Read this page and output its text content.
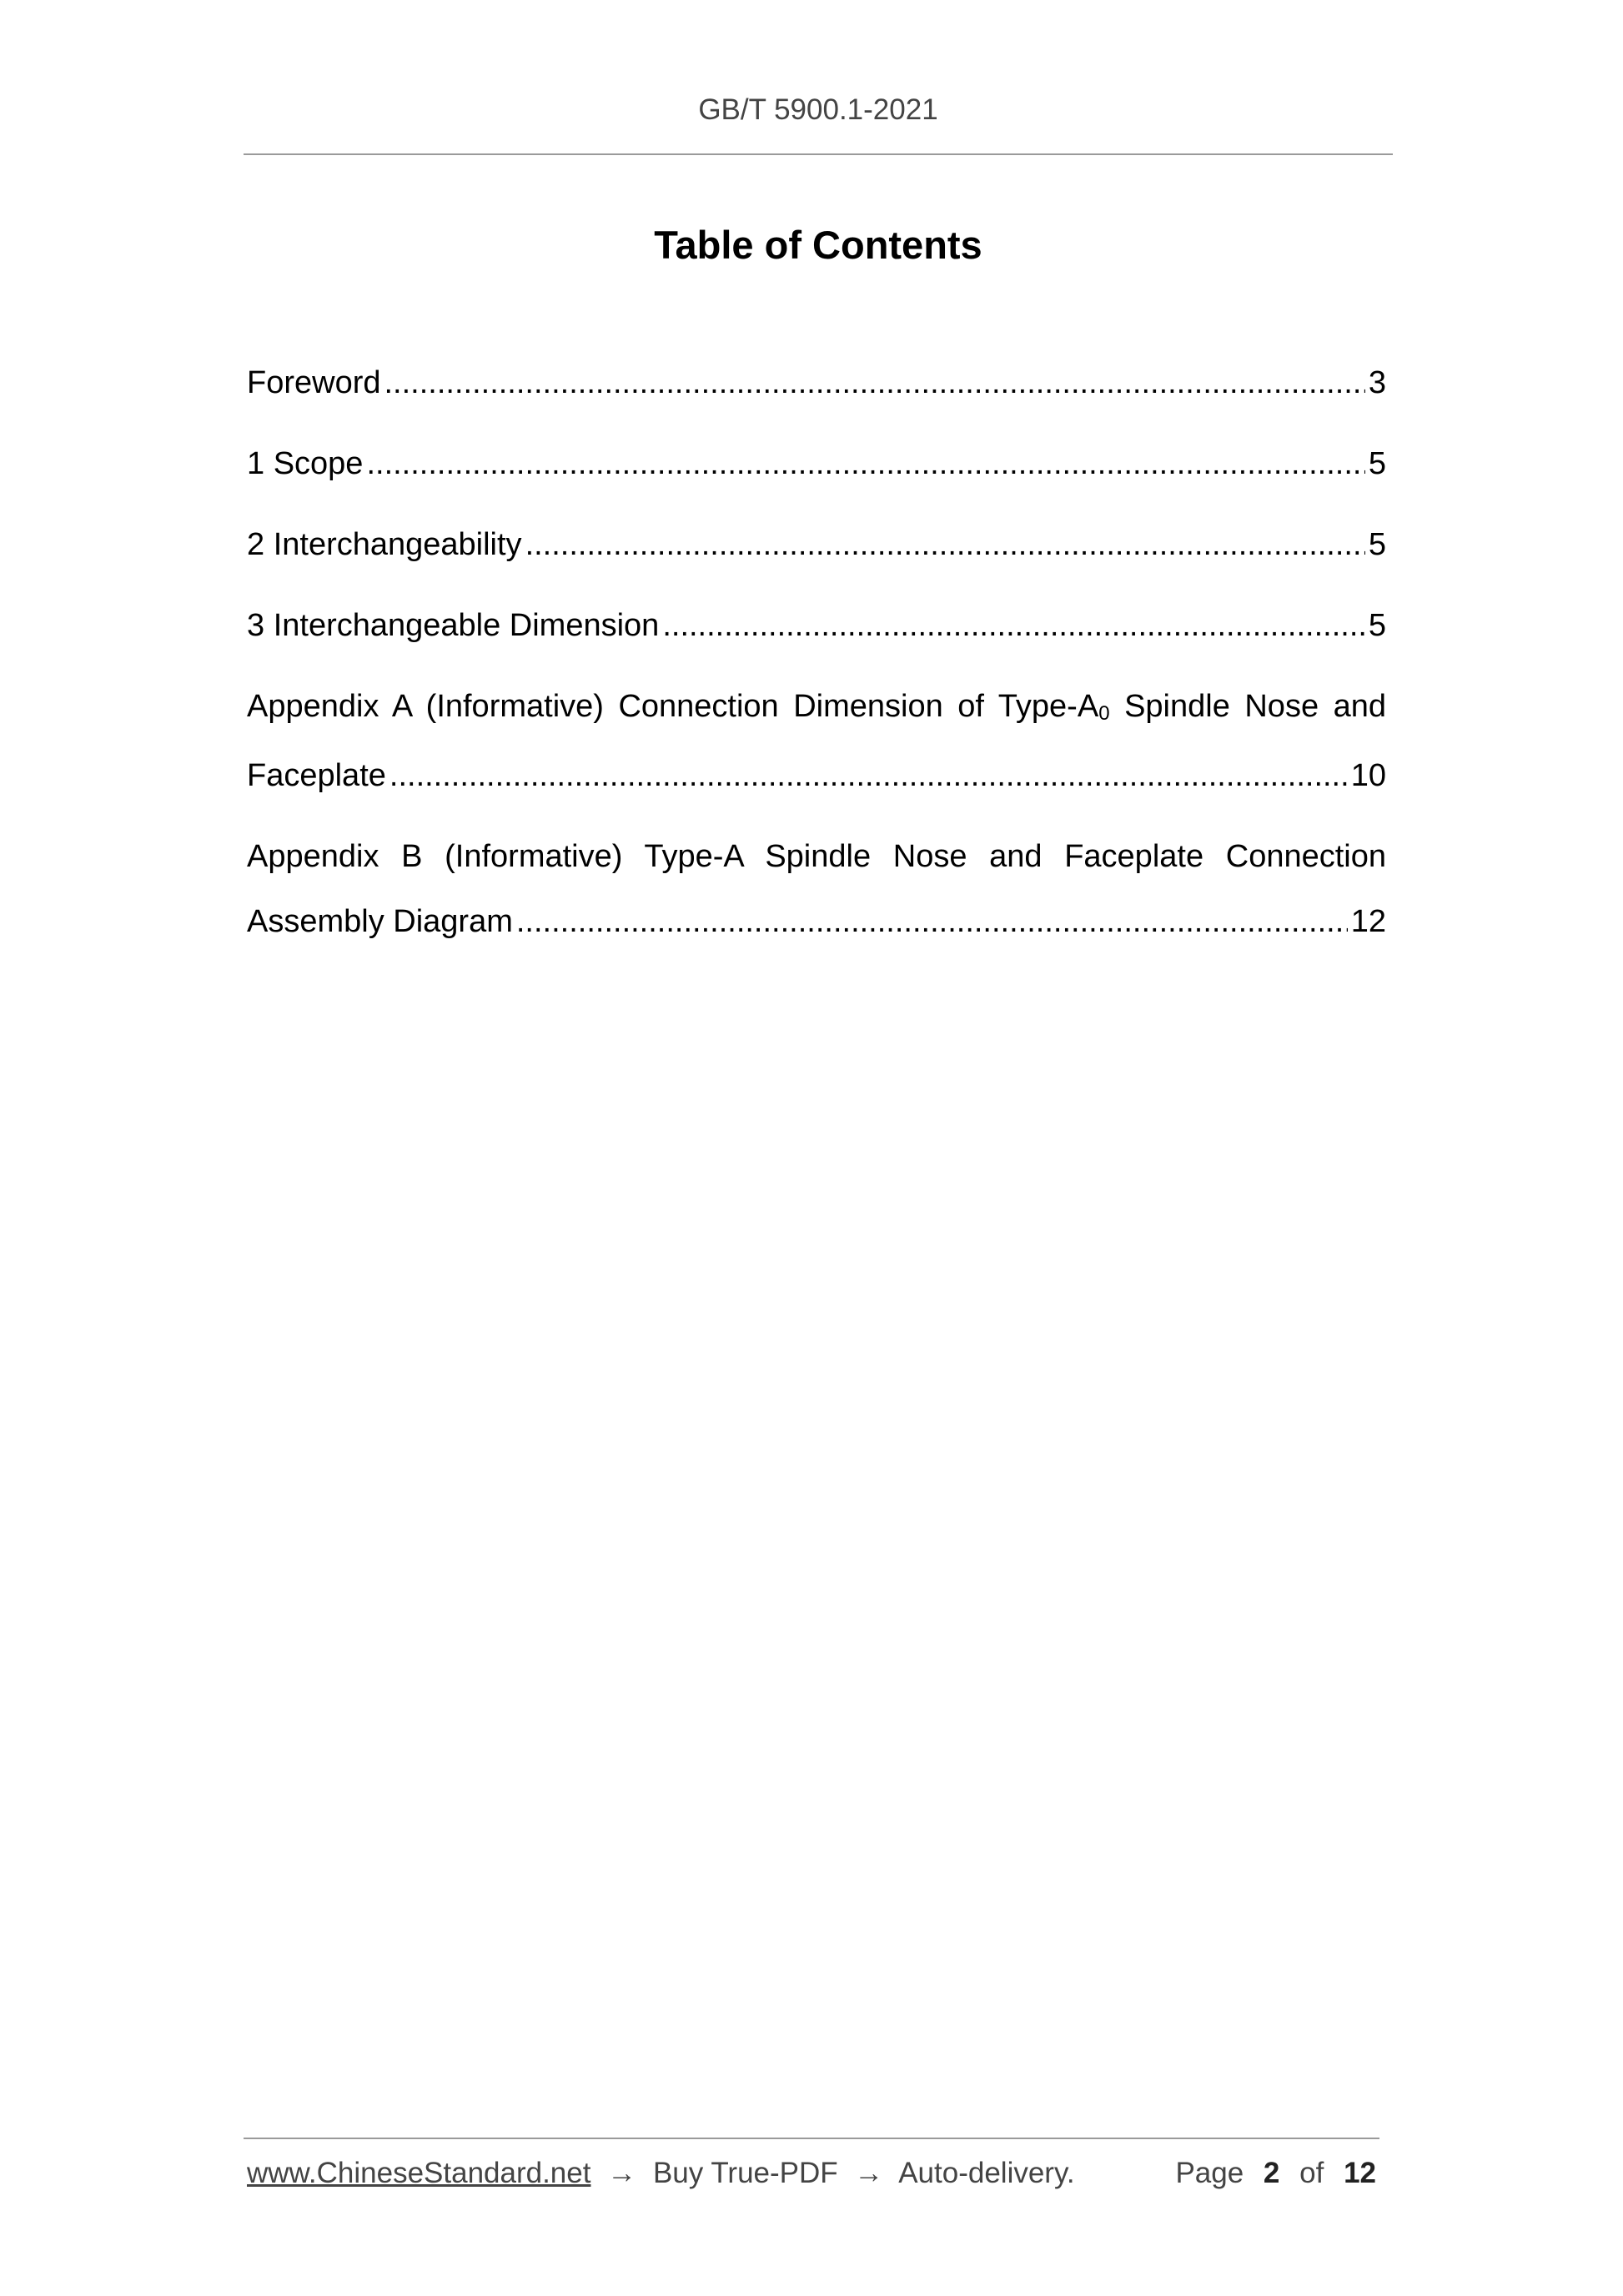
GB/T 5900.1-2021
Table of Contents
Foreword .....	3
1 Scope .....	5
2 Interchangeability .....	5
3 Interchangeable Dimension .....	5
Appendix A (Informative) Connection Dimension of Type-$A_0$ Spindle Nose and
Faceplate .....	10
Appendix B (Informative) Type-A Spindle Nose and Faceplate Connection
Assembly Diagram .....	12
www.ChineseStandard.net → Buy True-PDF → Auto-delivery.	Page 2 of 12
